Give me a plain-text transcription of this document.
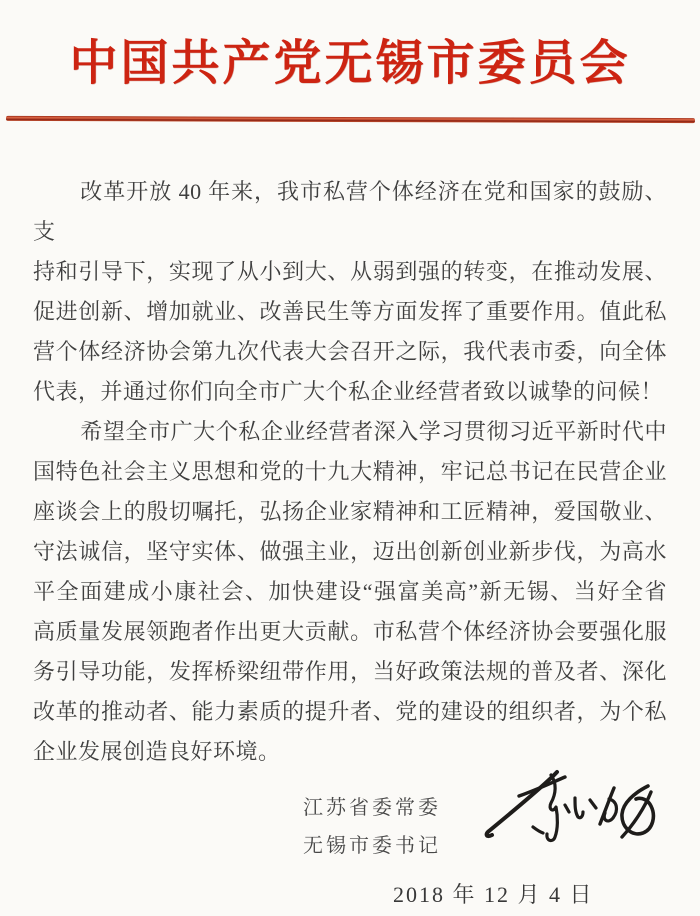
中国共产党无锡市委员会
改革开放 40 年来，我市私营个体经济在党和国家的鼓励、支
持和引导下，实现了从小到大、从弱到强的转变，在推动发展、
促进创新、增加就业、改善民生等方面发挥了重要作用。值此私
营个体经济协会第九次代表大会召开之际，我代表市委，向全体
代表，并通过你们向全市广大个私企业经营者致以诚挚的问候！
希望全市广大个私企业经营者深入学习贯彻习近平新时代中
国特色社会主义思想和党的十九大精神，牢记总书记在民营企业
座谈会上的殷切嘱托，弘扬企业家精神和工匠精神，爱国敬业、
守法诚信，坚守实体、做强主业，迈出创新创业新步伐，为高水
平全面建成小康社会、加快建设“强富美高”新无锡、当好全省
高质量发展领跑者作出更大贡献。市私营个体经济协会要强化服
务引导功能，发挥桥梁纽带作用，当好政策法规的普及者、深化
改革的推动者、能力素质的提升者、党的建设的组织者，为个私
企业发展创造良好环境。
江苏省委常委
无锡市委书记
2018 年 12 月 4 日
